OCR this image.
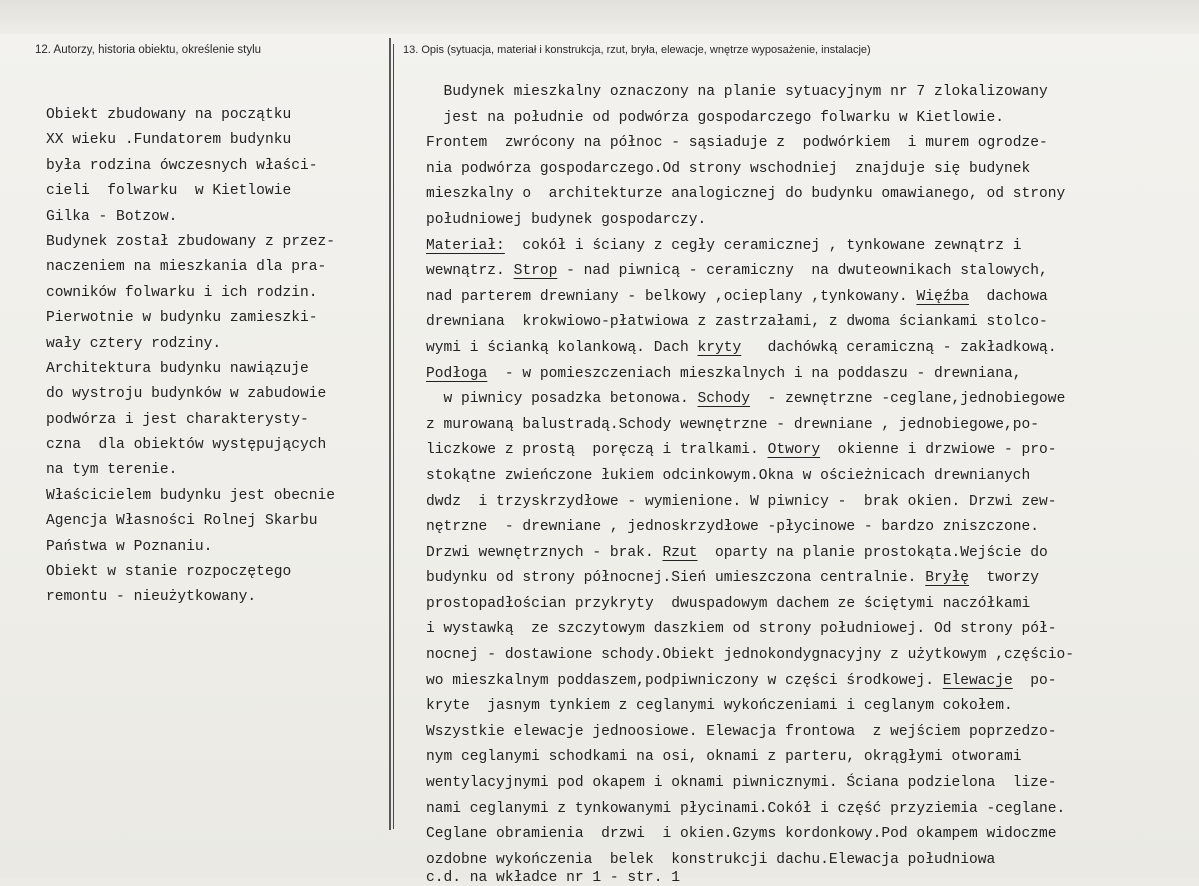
12. Autorzy, historia obiektu, określenie stylu	13. Opis (sytuacja, materiał i konstrukcja, rzut, bryła, elewacje, wnętrze wyposażenie, instalacje)
Obiekt zbudowany na początku
XX wieku .Fundatorem budynku
była rodzina ówczesnych właści-
cieli  folwarku  w Kietlowie
Gilka - Botzow.
Budynek został zbudowany z przez-
naczeniem na mieszkania dla pra-
cowników folwarku i ich rodzin.
Pierwotnie w budynku zamieszki-
wały cztery rodziny.
Architektura budynku nawiązuje
do wystroju budynków w zabudowie
podwórza i jest charakterysty-
czna  dla obiektów występujących
na tym terenie.
Właścicielem budynku jest obecnie
Agencja Własności Rolnej Skarbu
Państwa w Poznaniu.
Obiekt w stanie rozpoczętego
remontu - nieużytkowany.
Budynek mieszkalny oznaczony na planie sytuacyjnym nr 7 zlokalizowany
jest na południe od podwórza gospodarczego folwarku w Kietlowie.
Frontem  zwrócony na północ - sąsiaduje z  podwórkiem  i murem ogrodze-
nia podwórza gospodarczego.Od strony wschodniej  znajduje się budynek
mieszkalny o  architekturze analogicznej do budynku omawianego, od strony
południowej budynek gospodarczy.
Materiał:  cokół i ściany z cegły ceramicznej , tynkowane zewnątrz i
wewnątrz. Strop - nad piwnicą - ceramiczny  na dwuteownikach stalowych,
nad parterem drewniany - belkowy ,ocieplany ,tynkowany. Więźba  dachowa
drewniana  krokwiowo-płatwiowa z zastrzałami, z dwoma ściankami stolco-
wymi i ścianką kolankową. Dach kryty   dachówką ceramiczną - zakładkową.
Podłoga  - w pomieszczeniach mieszkalnych i na poddaszu - drewniana,
w piwnicy posadzka betonowa. Schody  - zewnętrzne -ceglane,jednobiegowe
z murowaną balustradą.Schody wewnętrzne - drewniane , jednobiegowe,po-
liczkowe z prostą  poręczą i tralkami. Otwory  okienne i drzwiowe - pro-
stokątne zwieńczone łukiem odcinkowym.Okna w ościeżnicach drewnianych
dwdz  i trzyskrzydłowe - wymienione. W piwnicy -  brak okien. Drzwi zew-
nętrzne  - drewniane , jednoskrzydłowe -płycinowe - bardzo zniszczone.
Drzwi wewnętrznych - brak. Rzut  oparty na planie prostokąta.Wejście do
budynku od strony północnej.Sień umieszczona centralnie. Bryłę  tworzy
prostopadłościan przykryty  dwuspadowym dachem ze ściętymi naczółkami
i wystawką  ze szczytowym daszkiem od strony południowej. Od strony pół-
nocnej - dostawione schody.Obiekt jednokondygnacyjny z użytkowym ,częścio-
wo mieszkalnym poddaszem,podpiwniczony w części środkowej. Elewacje  po-
kryte  jasnym tynkiem z ceglanymi wykończeniami i ceglanym cokołem.
Wszystkie elewacje jednoosiowe. Elewacja frontowa  z wejściem poprzedzo-
nym ceglanymi schodkami na osi, oknami z parteru, okrągłymi otworami
wentylacyjnymi pod okapem i oknami piwnicznymi. Ściana podzielona  lize-
nami ceglanymi z tynkowanymi płycinami.Cokół i część przyziemia -ceglane.
Ceglane obramienia  drzwi  i okien.Gzyms kordonkowy.Pod okampem widoczme
ozdobne wykończenia  belek  konstrukcji dachu.Elewacja południowa
c.d. na wkładce nr 1 - str. 1
